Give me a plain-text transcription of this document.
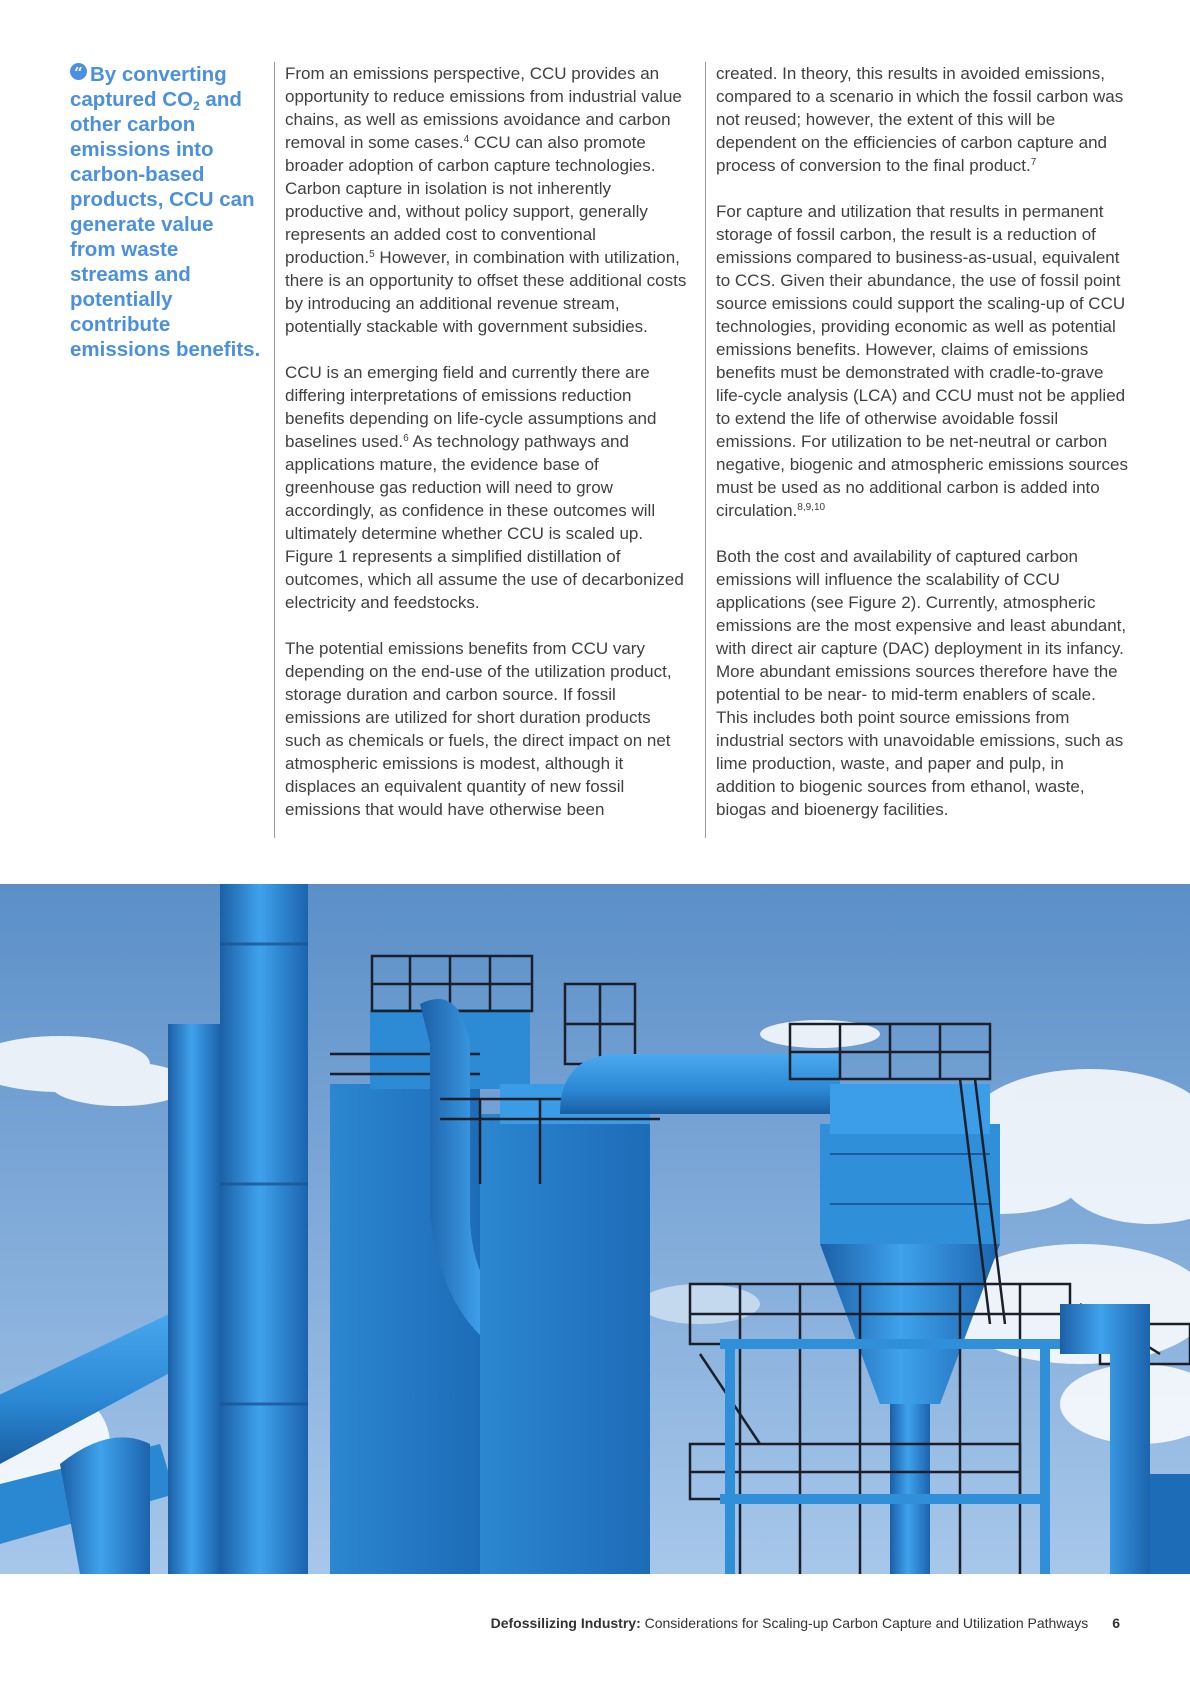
“ By converting captured $CO_2$ and other carbon emissions into carbon-based products, CCU can generate value from waste streams and potentially contribute emissions benefits.

From an emissions perspective, CCU provides an opportunity to reduce emissions from industrial value chains, as well as emissions avoidance and carbon removal in some cases.$^4$ CCU can also promote broader adoption of carbon capture technologies. Carbon capture in isolation is not inherently productive and, without policy support, generally represents an added cost to conventional production.$^5$ However, in combination with utilization, there is an opportunity to offset these additional costs by introducing an additional revenue stream, potentially stackable with government subsidies.

CCU is an emerging field and currently there are differing interpretations of emissions reduction benefits depending on life-cycle assumptions and baselines used.$^6$ As technology pathways and applications mature, the evidence base of greenhouse gas reduction will need to grow accordingly, as confidence in these outcomes will ultimately determine whether CCU is scaled up. Figure 1 represents a simplified distillation of outcomes, which all assume the use of decarbonized electricity and feedstocks.

The potential emissions benefits from CCU vary depending on the end-use of the utilization product, storage duration and carbon source. If fossil emissions are utilized for short duration products such as chemicals or fuels, the direct impact on net atmospheric emissions is modest, although it displaces an equivalent quantity of new fossil emissions that would have otherwise been

created. In theory, this results in avoided emissions, compared to a scenario in which the fossil carbon was not reused; however, the extent of this will be dependent on the efficiencies of carbon capture and process of conversion to the final product.$^7$

For capture and utilization that results in permanent storage of fossil carbon, the result is a reduction of emissions compared to business-as-usual, equivalent to CCS. Given their abundance, the use of fossil point source emissions could support the scaling-up of CCU technologies, providing economic as well as potential emissions benefits. However, claims of emissions benefits must be demonstrated with cradle-to-grave life-cycle analysis (LCA) and CCU must not be applied to extend the life of otherwise avoidable fossil emissions. For utilization to be net-neutral or carbon negative, biogenic and atmospheric emissions sources must be used as no additional carbon is added into circulation.$^{8,9,10}$

Both the cost and availability of captured carbon emissions will influence the scalability of CCU applications (see Figure 2). Currently, atmospheric emissions are the most expensive and least abundant, with direct air capture (DAC) deployment in its infancy. More abundant emissions sources therefore have the potential to be near- to mid-term enablers of scale. This includes both point source emissions from industrial sectors with unavoidable emissions, such as lime production, waste, and paper and pulp, in addition to biogenic sources from ethanol, waste, biogas and bioenergy facilities.

Defossilizing Industry: Considerations for Scaling-up Carbon Capture and Utilization Pathways 6
